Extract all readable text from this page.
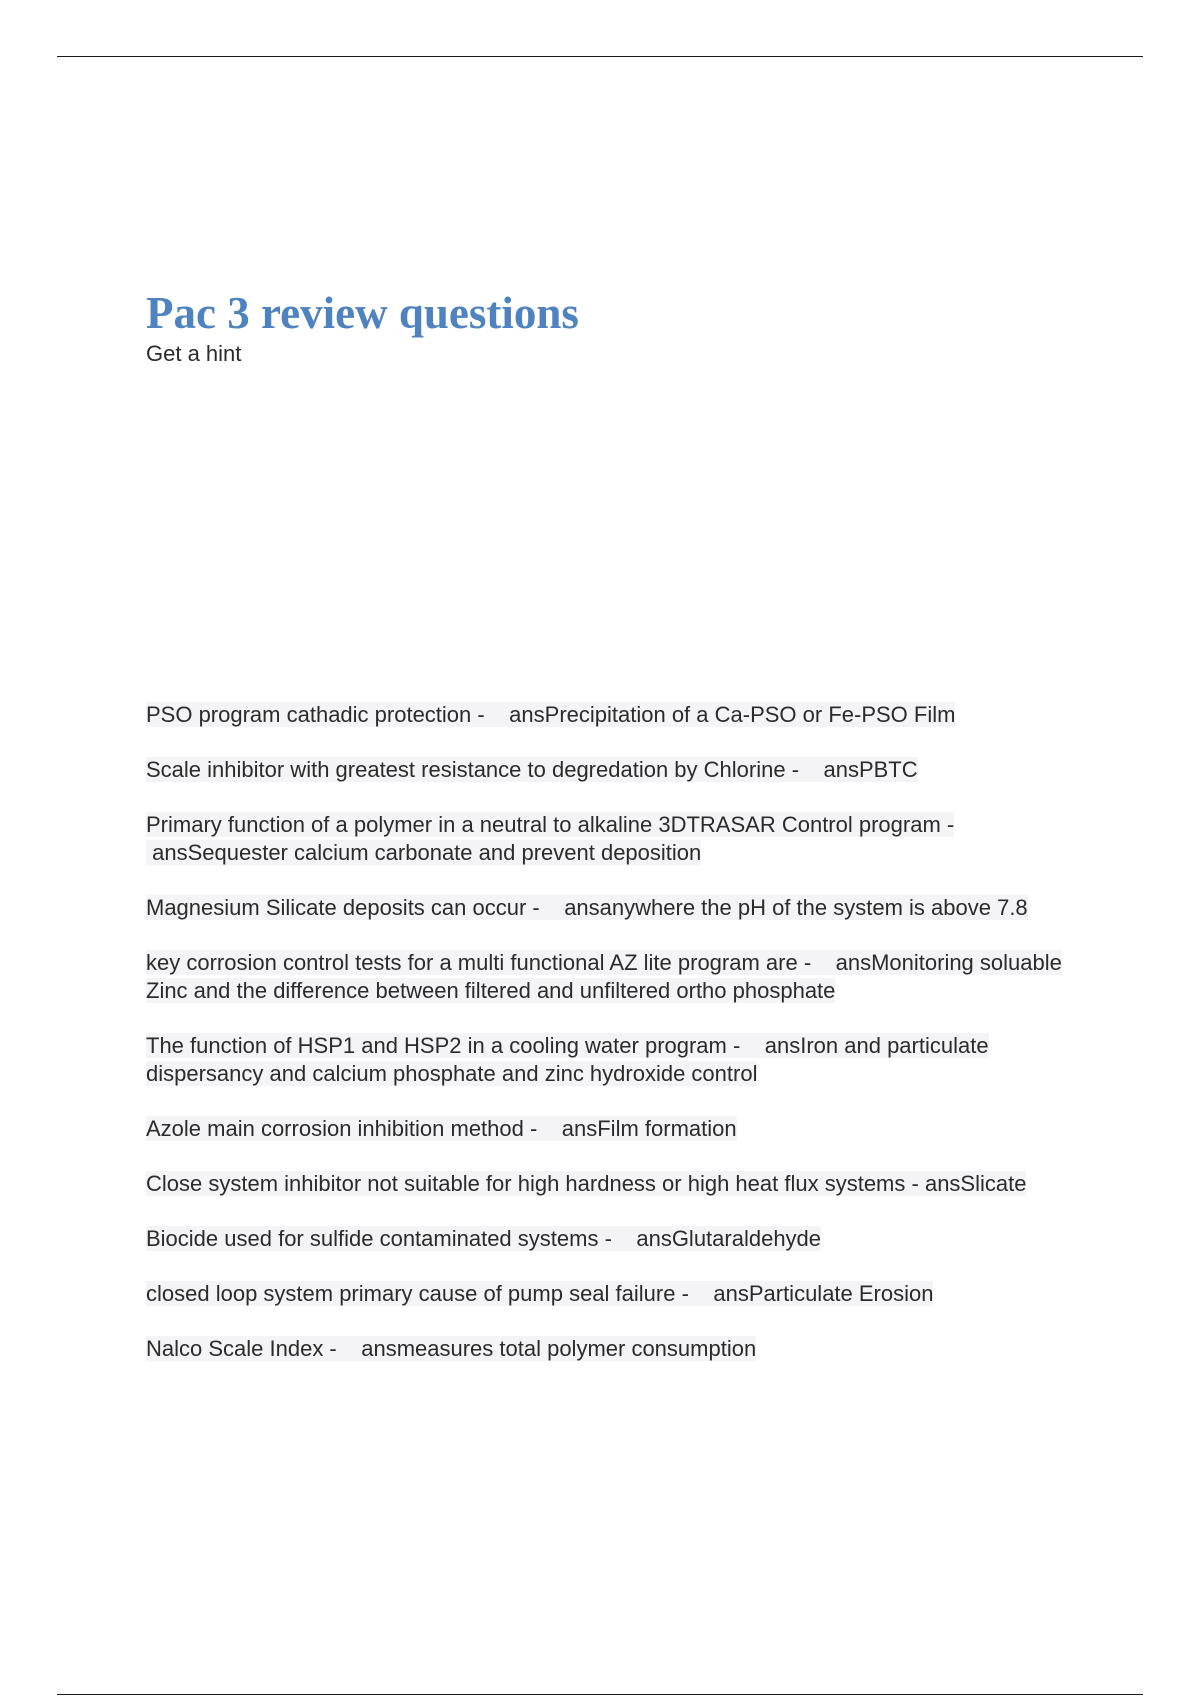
Pac 3 review questions
Get a hint
PSO program cathadic protection - ansPrecipitation of a Ca-PSO or Fe-PSO Film
Scale inhibitor with greatest resistance to degredation by Chlorine - ansPBTC
Primary function of a polymer in a neutral to alkaline 3DTRASAR Control program - ansSequester calcium carbonate and prevent deposition
Magnesium Silicate deposits can occur - ansanywhere the pH of the system is above 7.8
key corrosion control tests for a multi functional AZ lite program are - ansMonitoring soluable Zinc and the difference between filtered and unfiltered ortho phosphate
The function of HSP1 and HSP2 in a cooling water program - ansIron and particulate dispersancy and calcium phosphate and zinc hydroxide control
Azole main corrosion inhibition method - ansFilm formation
Close system inhibitor not suitable for high hardness or high heat flux systems - ansSlicate
Biocide used for sulfide contaminated systems - ansGlutaraldehyde
closed loop system primary cause of pump seal failure - ansParticulate Erosion
Nalco Scale Index - ansmeasures total polymer consumption
